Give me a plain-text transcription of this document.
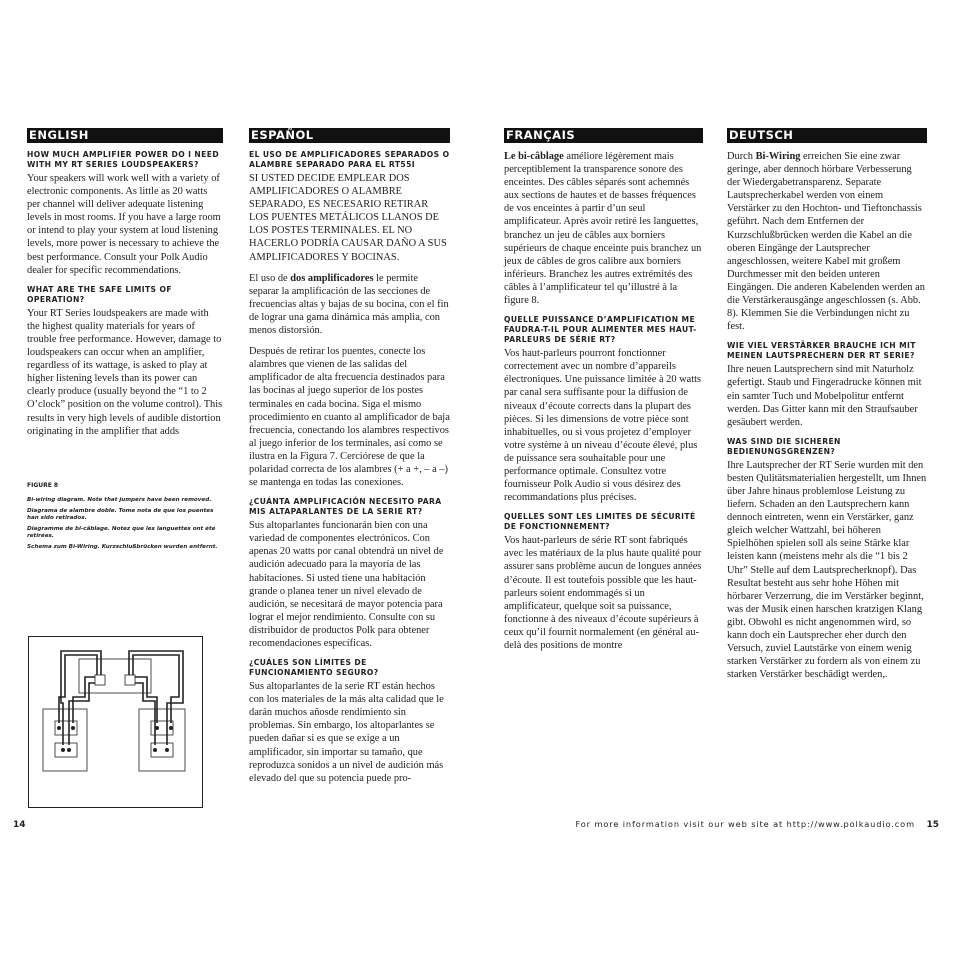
ENGLISH
HOW MUCH AMPLIFIER POWER DO I NEED WITH MY RT SERIES LOUDSPEAKERS?

Your speakers will work well with a variety of electronic components. As little as 20 watts per channel will deliver adequate listening levels in most rooms. If you have a large room or intend to play your system at loud listening levels, more power is necessary to achieve the best performance. Consult your Polk Audio dealer for specific recommendations.

WHAT ARE THE SAFE LIMITS OF OPERATION?

Your RT Series loudspeakers are made with the highest quality materials for years of trouble free performance. However, damage to loudspeakers can occur when an amplifier, regardless of its wattage, is asked to play at higher listening levels than its power can clearly produce (usually beyond the “1 to 2 O’clock” position on the volume control). This results in very high levels of audible distortion originating in the amplifier that adds

FIGURE 8
Bi-wiring diagram. Note that jumpers have been removed.
Diagrama de alambre doble. Tome nota de que los puentes han sido retirados.
Diagramme de bi-câblage. Notez que les languettes ont été retirées.
Schema zum Bi-Wiring. Kurzschlußbrücken wurden entfernt.
ESPAÑOL
EL USO DE AMPLIFICADORES SEPARADOS O ALAMBRE SEPARADO PARA EL RT55I

SI USTED DECIDE EMPLEAR DOS AMPLIFICADORES O ALAMBRE SEPARADO, ES NECESARIO RETIRAR LOS PUENTES METÁLICOS LLANOS DE LOS POSTES TERMINALES. EL NO HACERLO PODRÍA CAUSAR DAÑO A SUS AMPLIFICADORES Y BOCINAS.

El uso de dos amplificadores le permite separar la amplificación de las secciones de frecuencias altas y bajas de su bocina, con el fin de lograr una gama dinámica más amplia, con menos distorsión.

Después de retirar los puentes, conecte los alambres que vienen de las salidas del amplificador de alta frecuencia destinados para las bocinas al juego superior de los postes terminales en cada bocina. Siga el mismo procedimiento en cuanto al amplificador de baja frecuencia, conectando los alambres respectivos al juego inferior de los terminales, así como se ilustra en la Figura 7. Cerciórese de que la polaridad correcta de los alambres (+ a +, – a –) se mantenga en todas las conexiones.

¿CUÁNTA AMPLIFICACIÓN NECESITO PARA MIS ALTAPARLANTES DE LA SERIE RT?

Sus altoparlantes funcionarán bien con una variedad de componentes electrónicos. Con apenas 20 watts por canal obtendrá un nivel de audición adecuado para la mayoría de las habitaciones. Si usted tiene una habitación grande o planea tener un nivel elevado de audición, se necesitará de mayor potencia para lograr el mejor rendimiento. Consulte con su distribuidor de productos Polk para obtener recomendaciones específicas.

¿CUÁLES SON LÍMITES DE FUNCIONAMIENTO SEGURO?

Sus altoparlantes de la serie RT están hechos con los materiales de la más alta calidad que le darán muchos añosde rendimiento sin problemas. Sin embargo, los altoparlantes se pueden dañar si es que se exige a un amplificador, sin importar su tamaño, que reproduzca sonidos a un nivel de audición más elevado del que su potencia puede pro-

FRANÇAIS

Le bi-câblage améliore légèrement mais perceptiblement la transparence sonore des enceintes. Des câbles séparés sont achemnés aux sections de hautes et de basses fréquences de vos enceintes à partir d’un seul amplificateur. Après avoir retiré les languettes, branchez un jeu de câbles aux borniers supérieurs de chaque enceinte puis branchez un jeux de câbles de gros calibre aux borniers inférieurs. Branchez les autres extrémités des câbles à l’amplificateur tel qu’illustré à la figure 8.

QUELLE PUISSANCE D’AMPLIFICATION ME FAUDRA-T-IL POUR ALIMENTER MES HAUT-PARLEURS DE SÉRIE RT?

Vos haut-parleurs pourront fonctionner correctement avec un nombre d’appareils électroniques. Une puissance limitée à 20 watts par canal sera suffisante pour la diffusion de niveaux d’écoute corrects dans la plupart des pièces. Si les dimensions de votre pièce sont inhabituelles, ou si vous projetez d’employer votre système à un niveau d’écoute élevé, plus de puissance sera souhaitable pour une performance optimale. Consultez votre fournisseur Polk Audio si vous désirez des recommandations plus précises.

QUELLES SONT LES LIMITES DE SÉCURITÉ DE FONCTIONNEMENT?

Vos haut-parleurs de série RT sont fabriqués avec les matériaux de la plus haute qualité pour assurer sans problème aucun de longues années d’écoute. Il est toutefois possible que les haut-parleurs soient endommagés si un amplificateur, quelque soit sa puissance, fonctionne à des niveaux d’écoute supérieurs à ceux qu’il fournit normalement (en général au-delà des positions de montre

DEUTSCH

Durch Bi-Wiring erreichen Sie eine zwar geringe, aber dennoch hörbare Verbesserung der Wiedergabetransparenz. Separate Lautsprecherkabel werden von einem Verstärker zu den Hochton- und Tieftonchassis geführt. Nach dem Entfernen der Kurzschlußbrücken werden die Kabel an die oberen Eingänge der Lautsprecher angeschlossen, weitere Kabel mit großem Durchmesser mit den beiden unteren Eingängen. Die anderen Kabelenden werden an die Verstärkerausgänge angeschlossen (s. Abb. 8). Klemmen Sie die Verbindungen nicht zu fest.

WIE VIEL VERSTÄRKER BRAUCHE ICH MIT MEINEN LAUTSPRECHERN DER RT SERIE?

Ihre neuen Lautsprechern sind mit Naturholz gefertigt. Staub und Fingeradrucke können mit ein samter Tuch und Mobelpolitur entfernt werden. Das Gitter kann mit den Straufsauber gesäubert werden.

WAS SIND DIE SICHEREN BEDIENUNGSGRENZEN?

Ihre Lautsprecher der RT Serie wurden mit den besten Qulitätsmaterialien hergestellt, um Ihnen über Jahre hinaus problemlose Leistung zu liefern. Schaden an den Lautsprechern kann dennoch eintreten, wenn ein Verstärker, ganz gleich welcher Wattzahl, bei höheren Spielhöhen spielen soll als seine Stärke klar leisten kann (meistens mehr als die “1 bis 2 Uhr” Stelle auf dem Lautsprecherknopf). Das Resultat besteht aus sehr hohe Höhen mit hörbarer Verzerrung, die im Verstärker beginnt, was der Musik einen harschen kratzigen Klang gibt. Obwohl es nicht angenommen wird, so kann doch ein Lautsprecher eher durch den Versuch, zuviel Lautstärke von einem wenig starken Verstärker zu fordern als von einem zu starken Verstärker beschädigt werden,.

14	For more information visit our web site at http://www.polkaudio.com 15
